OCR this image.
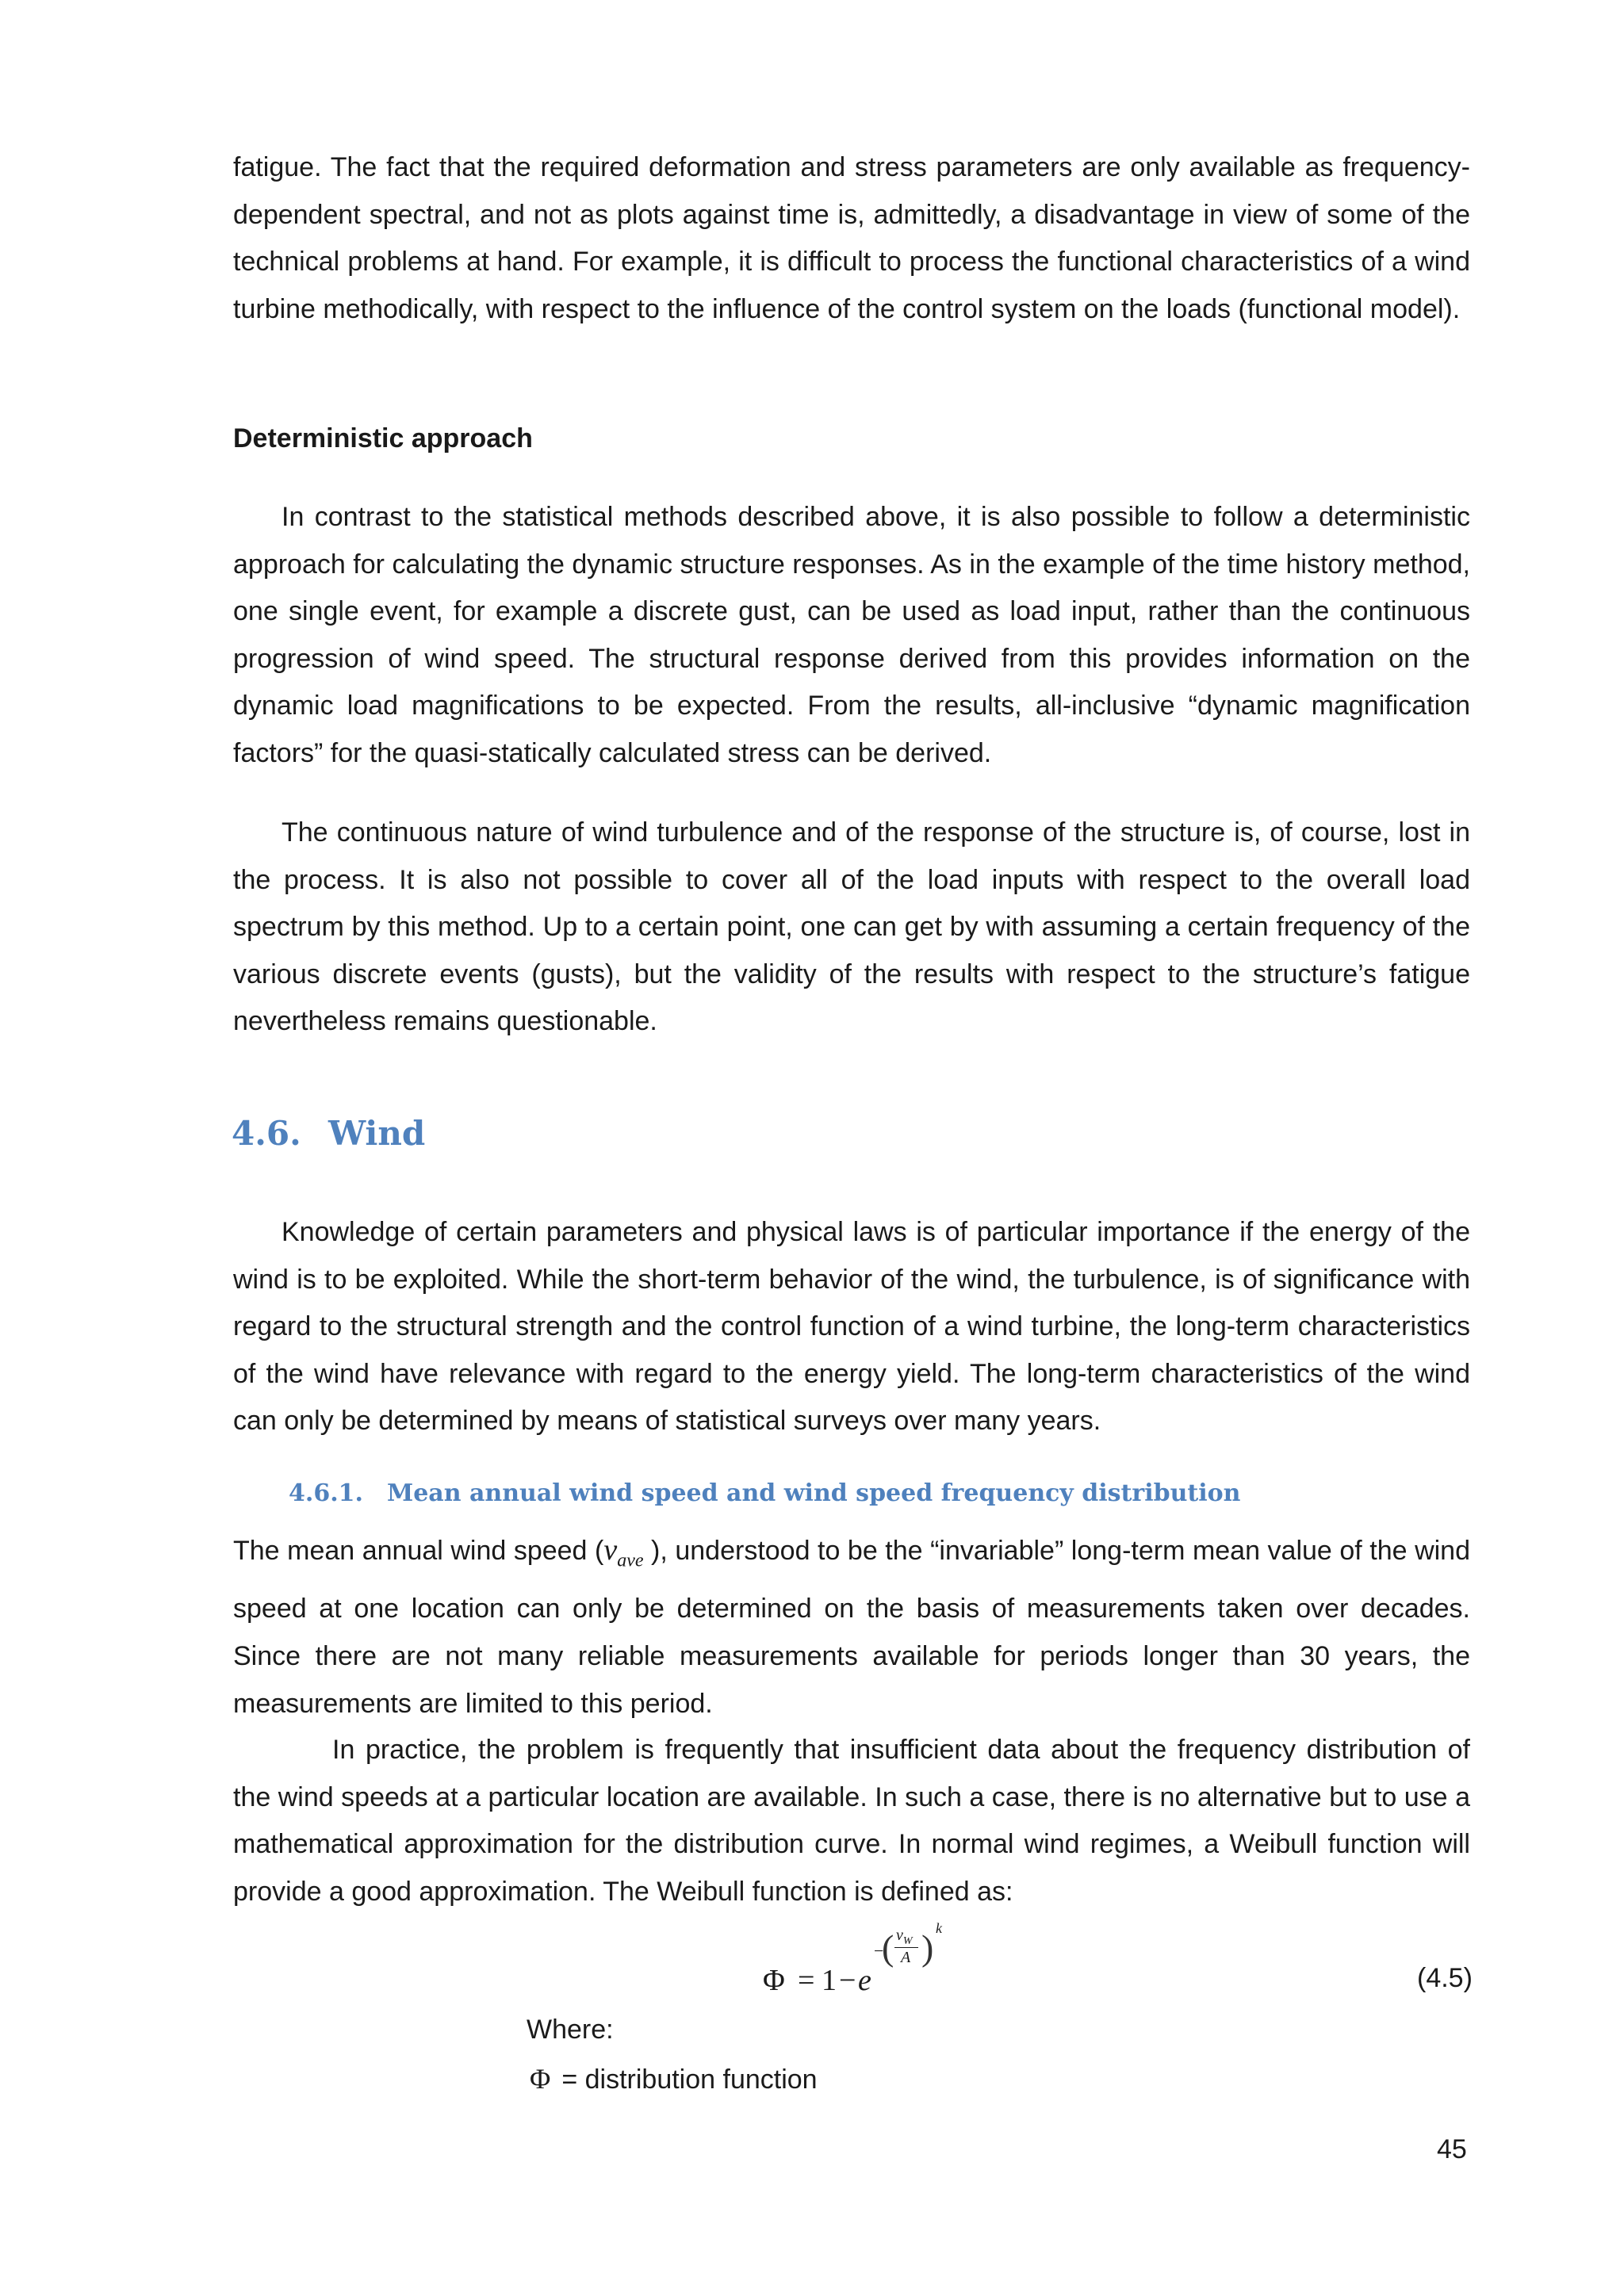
fatigue. The fact that the required deformation and stress parameters are only available as frequency-dependent spectral, and not as plots against time is, admittedly, a disadvantage in view of some of the technical problems at hand. For example, it is difficult to process the functional characteristics of a wind turbine methodically, with respect to the influence of the control system on the loads (functional model).

Deterministic approach

In contrast to the statistical methods described above, it is also possible to follow a deterministic approach for calculating the dynamic structure responses. As in the example of the time history method, one single event, for example a discrete gust, can be used as load input, rather than the continuous progression of wind speed. The structural response derived from this provides information on the dynamic load magnifications to be expected. From the results, all-inclusive “dynamic magnification factors” for the quasi-statically calculated stress can be derived.

The continuous nature of wind turbulence and of the response of the structure is, of course, lost in the process. It is also not possible to cover all of the load inputs with respect to the overall load spectrum by this method. Up to a certain point, one can get by with assuming a certain frequency of the various discrete events (gusts), but the validity of the results with respect to the structure’s fatigue nevertheless remains questionable.

4.6. Wind

Knowledge of certain parameters and physical laws is of particular importance if the energy of the wind is to be exploited. While the short-term behavior of the wind, the turbulence, is of significance with regard to the structural strength and the control function of a wind turbine, the long-term characteristics of the wind have relevance with regard to the energy yield. The long-term characteristics of the wind can only be determined by means of statistical surveys over many years.

4.6.1. Mean annual wind speed and wind speed frequency distribution

The mean annual wind speed ($v_{ave}$ ), understood to be the “invariable” long-term mean value of the wind speed at one location can only be determined on the basis of measurements taken over decades. Since there are not many reliable measurements available for periods longer than 30 years, the measurements are limited to this period.

In practice, the problem is frequently that insufficient data about the frequency distribution of the wind speeds at a particular location are available. In such a case, there is no alternative but to use a mathematical approximation for the distribution curve. In normal wind regimes, a Weibull function will provide a good approximation. The Weibull function is defined as:

Φ = 1 − e
−
( $v_W$
A ) k
(4.5)
Where:
Φ = distribution function
45
